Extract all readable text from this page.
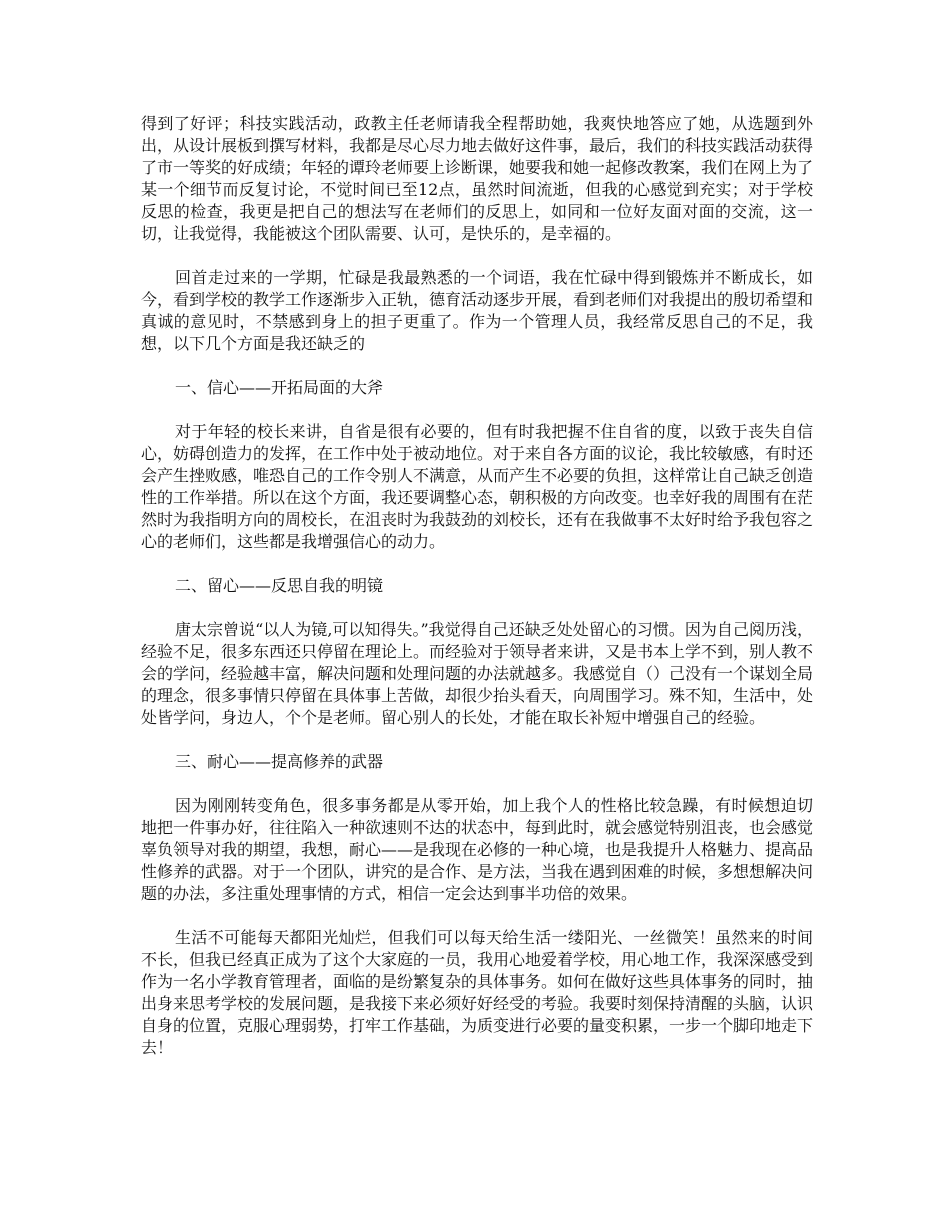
得到了好评；科技实践活动，政教主任老师请我全程帮助她，我爽快地答应了她，从选题到外出，从设计展板到撰写材料，我都是尽心尽力地去做好这件事，最后，我们的科技实践活动获得了市一等奖的好成绩；年轻的谭玲老师要上诊断课，她要我和她一起修改教案，我们在网上为了某一个细节而反复讨论，不觉时间已至12点，虽然时间流逝，但我的心感觉到充实；对于学校反思的检查，我更是把自己的想法写在老师们的反思上，如同和一位好友面对面的交流，这一切，让我觉得，我能被这个团队需要、认可，是快乐的，是幸福的。

回首走过来的一学期，忙碌是我最熟悉的一个词语，我在忙碌中得到锻炼并不断成长，如今，看到学校的教学工作逐渐步入正轨，德育活动逐步开展，看到老师们对我提出的殷切希望和真诚的意见时，不禁感到身上的担子更重了。作为一个管理人员，我经常反思自己的不足，我想，以下几个方面是我还缺乏的

一、信心——开拓局面的大斧

对于年轻的校长来讲，自省是很有必要的，但有时我把握不住自省的度，以致于丧失自信心，妨碍创造力的发挥，在工作中处于被动地位。对于来自各方面的议论，我比较敏感，有时还会产生挫败感，唯恐自己的工作令别人不满意，从而产生不必要的负担，这样常让自己缺乏创造性的工作举措。所以在这个方面，我还要调整心态，朝积极的方向改变。也幸好我的周围有在茫然时为我指明方向的周校长，在沮丧时为我鼓劲的刘校长，还有在我做事不太好时给予我包容之心的老师们，这些都是我增强信心的动力。

二、留心——反思自我的明镜

唐太宗曾说“以人为镜,可以知得失。”我觉得自己还缺乏处处留心的习惯。因为自己阅历浅，经验不足，很多东西还只停留在理论上。而经验对于领导者来讲，又是书本上学不到，别人教不会的学问，经验越丰富，解决问题和处理问题的办法就越多。我感觉自（）己没有一个谋划全局的理念，很多事情只停留在具体事上苦做，却很少抬头看天，向周围学习。殊不知，生活中，处处皆学问，身边人，个个是老师。留心别人的长处，才能在取长补短中增强自己的经验。

三、耐心——提高修养的武器

因为刚刚转变角色，很多事务都是从零开始，加上我个人的性格比较急躁，有时候想迫切地把一件事办好，往往陷入一种欲速则不达的状态中，每到此时，就会感觉特别沮丧，也会感觉辜负领导对我的期望，我想，耐心——是我现在必修的一种心境，也是我提升人格魅力、提高品性修养的武器。对于一个团队，讲究的是合作、是方法，当我在遇到困难的时候，多想想解决问题的办法，多注重处理事情的方式，相信一定会达到事半功倍的效果。

生活不可能每天都阳光灿烂，但我们可以每天给生活一缕阳光、一丝微笑！虽然来的时间不长，但我已经真正成为了这个大家庭的一员，我用心地爱着学校，用心地工作，我深深感受到作为一名小学教育管理者，面临的是纷繁复杂的具体事务。如何在做好这些具体事务的同时，抽出身来思考学校的发展问题，是我接下来必须好好经受的考验。我要时刻保持清醒的头脑，认识自身的位置，克服心理弱势，打牢工作基础，为质变进行必要的量变积累，一步一个脚印地走下去！
